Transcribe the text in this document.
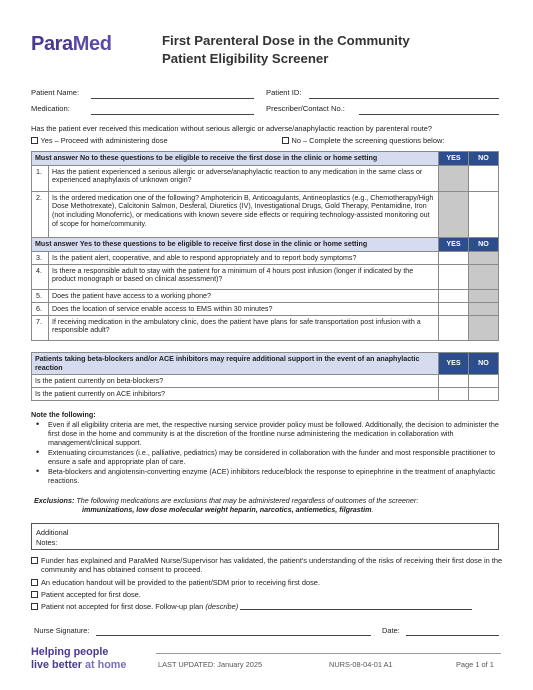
ParaMed	First Parenteral Dose in the Community
Patient Eligibility Screener
Patient Name:	Patient ID:
Medication:	Prescriber/Contact No.:
Has the patient ever received this medication without serious allergic or adverse/anaphylactic reaction by parenteral route?
Yes – Proceed with administering dose	No – Complete the screening questions below:
Must answer No to these questions to be eligible to receive the first dose in the clinic or home setting		YES	NO
1.	Has the patient experienced a serious allergic or adverse/anaphylactic reaction to any medication in the same class or experienced anaphylaxis of unknown origin?		
2.	Is the ordered medication one of the following? Amphotericin B, Anticoagulants, Antineoplastics (e.g., Chemotherapy/High Dose Methotrexate), Calcitonin Salmon, Desferal, Diuretics (IV), Investigational Drugs, Gold Therapy, Pentamidine, Iron (not including Monoferric), or medications with known severe side effects or requiring technology-assisted monitoring out of scope for home/community.		
Must answer Yes to these questions to be eligible to receive first dose in the clinic or home setting		YES	NO
3.	Is the patient alert, cooperative, and able to respond appropriately and to report body symptoms?		
4.	Is there a responsible adult to stay with the patient for a minimum of 4 hours post infusion (longer if indicated by the product monograph or based on clinical assessment)?		
5.	Does the patient have access to a working phone?		
6.	Does the location of service enable access to EMS within 30 minutes?		
7.	If receiving medication in the ambulatory clinic, does the patient have plans for safe transportation post infusion with a responsible adult?		
Patients taking beta-blockers and/or ACE inhibitors may require additional support in the event of an anaphylactic reaction	YES	NO
Is the patient currently on beta-blockers?		
Is the patient currently on ACE inhibitors?		
Note the following:
• Even if all eligibility criteria are met, the respective nursing service provider policy must be followed. Additionally, the decision to administer the first dose in the home and community is at the discretion of the frontline nurse administering the medication in collaboration with management/clinical support.
• Extenuating circumstances (i.e., palliative, pediatrics) may be considered in collaboration with the funder and most responsible practitioner to ensure a safe and appropriate plan of care.
• Beta-blockers and angiotensin-converting enzyme (ACE) inhibitors reduce/block the response to epinephrine in the treatment of anaphylactic reactions.
Exclusions: The following medications are exclusions that may be administered regardless of outcomes of the screener:
immunizations, low dose molecular weight heparin, narcotics, antiemetics, filgrastim.
Additional Notes:
Funder has explained and ParaMed Nurse/Supervisor has validated, the patient's understanding of the risks of receiving their first dose in the community and has obtained consent to proceed.
An education handout will be provided to the patient/SDM prior to receiving first dose.
Patient accepted for first dose.
Patient not accepted for first dose. Follow-up plan (describe)
Nurse Signature:	Date:
Helping people
live better at home	LAST UPDATED: January 2025	NURS-08-04-01 A1	Page 1 of 1
